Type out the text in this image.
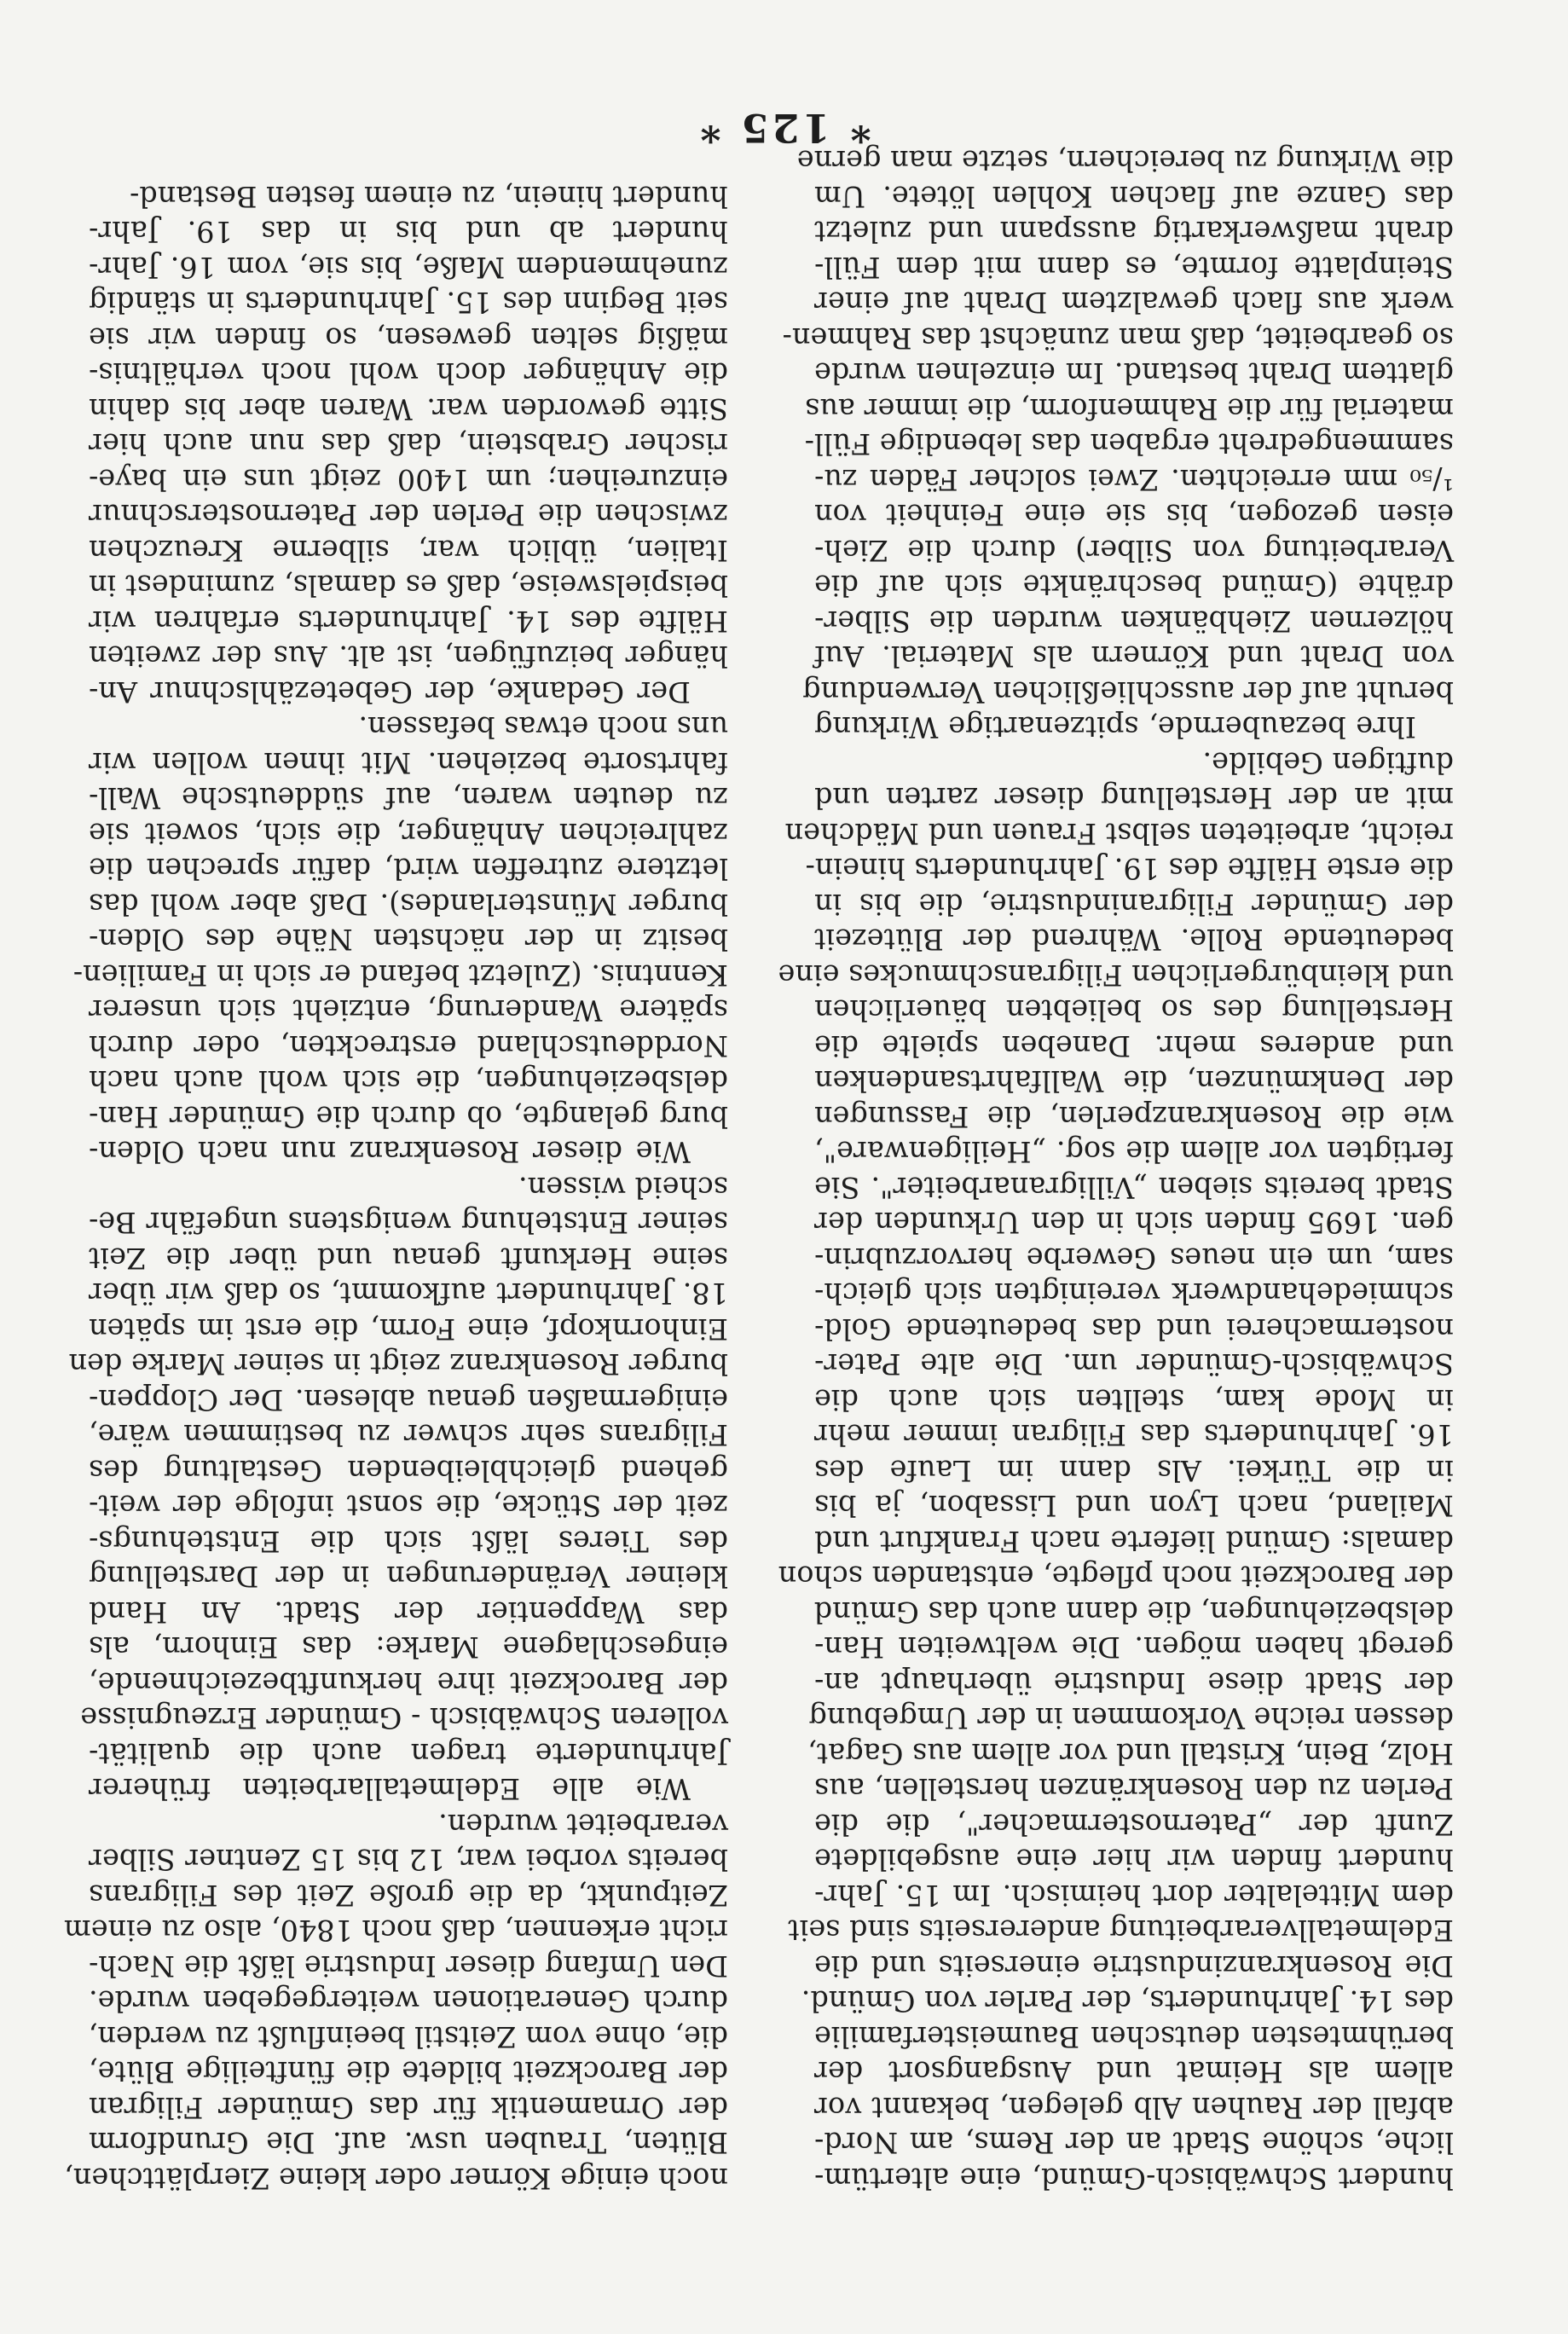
hundert Schwäbisch-Gmünd, eine altertüm-
liche, schöne Stadt an der Rems, am Nord-
abfall der Rauhen Alb gelegen, bekannt vor
allem als Heimat und Ausgangsort der
berühmtesten deutschen Baumeisterfamilie
des 14. Jahrhunderts, der Parler von Gmünd.
Die Rosenkranzindustrie einerseits und die
Edelmetallverarbeitung andererseits sind seit
dem Mittelalter dort heimisch. Im 15. Jahr-
hundert finden wir hier eine ausgebildete
Zunft der „Paternostermacher", die die
Perlen zu den Rosenkränzen herstellen, aus
Holz, Bein, Kristall und vor allem aus Gagat,
dessen reiche Vorkommen in der Umgebung
der Stadt diese Industrie überhaupt an-
geregt haben mögen. Die weltweiten Han-
delsbeziehungen, die dann auch das Gmünd
der Barockzeit noch pflegte, entstanden schon
damals: Gmünd lieferte nach Frankfurt und
Mailand, nach Lyon und Lissabon, ja bis
in die Türkei. Als dann im Laufe des
16. Jahrhunderts das Filigran immer mehr
in Mode kam, stellten sich auch die
Schwäbisch-Gmünder um. Die alte Pater-
nostermacherei und das bedeutende Gold-
schmiedehandwerk vereinigten sich gleich-
sam, um ein neues Gewerbe hervorzubrin-
gen. 1695 finden sich in den Urkunden der
Stadt bereits sieben „Villigranarbeiter". Sie
fertigten vor allem die sog. „Heiligenware",
wie die Rosenkranzperlen, die Fassungen
der Denkmünzen, die Wallfahrtsandenken
und anderes mehr. Daneben spielte die
Herstellung des so beliebten bäuerlichen
und kleinbürgerlichen Filigranschmuckes eine
bedeutende Rolle. Während der Blütezeit
der Gmünder Filigranindustrie, die bis in
die erste Hälfte des 19. Jahrhunderts hinein-
reicht, arbeiteten selbst Frauen und Mädchen
mit an der Herstellung dieser zarten und
duftigen Gebilde.

Ihre bezaubernde, spitzenartige Wirkung
beruht auf der ausschließlichen Verwendung
von Draht und Körnern als Material. Auf
hölzernen Ziehbänken wurden die Silber-
drähte (Gmünd beschränkte sich auf die
Verarbeitung von Silber) durch die Zieh-
eisen gezogen, bis sie eine Feinheit von
¹/₅₀ mm erreichten. Zwei solcher Fäden zu-
sammengedreht ergaben das lebendige Füll-
material für die Rahmenform, die immer aus
glattem Draht bestand. Im einzelnen wurde
so gearbeitet, daß man zunächst das Rahmen-
werk aus flach gewalztem Draht auf einer
Steinplatte formte, es dann mit dem Füll-
draht maßwerkartig ausspann und zuletzt
das Ganze auf flachen Kohlen lötete. Um
die Wirkung zu bereichern, setzte man gerne

noch einige Körner oder kleine Zierplättchen,
Blüten, Trauben usw. auf. Die Grundform
der Ornamentik für das Gmünder Filigran
der Barockzeit bildete die fünfteilige Blüte,
die, ohne vom Zeitstil beeinflußt zu werden,
durch Generationen weitergegeben wurde.
Den Umfang dieser Industrie läßt die Nach-
richt erkennen, daß noch 1840, also zu einem
Zeitpunkt, da die große Zeit des Filigrans
bereits vorbei war, 12 bis 15 Zentner Silber
verarbeitet wurden.

Wie alle Edelmetallarbeiten früherer
Jahrhunderte tragen auch die qualität-
volleren Schwäbisch - Gmünder Erzeugnisse
der Barockzeit ihre herkunftbezeichnende,
eingeschlagene Marke: das Einhorn, als
das Wappentier der Stadt. An Hand
kleiner Veränderungen in der Darstellung
des Tieres läßt sich die Entstehungs-
zeit der Stücke, die sonst infolge der weit-
gehend gleichbleibenden Gestaltung des
Filigrans sehr schwer zu bestimmen wäre,
einigermaßen genau ablesen. Der Cloppen-
burger Rosenkranz zeigt in seiner Marke den
Einhornkopf, eine Form, die erst im späten
18. Jahrhundert aufkommt, so daß wir über
seine Herkunft genau und über die Zeit
seiner Entstehung wenigstens ungefähr Be-
scheid wissen.

Wie dieser Rosenkranz nun nach Olden-
burg gelangte, ob durch die Gmünder Han-
delsbeziehungen, die sich wohl auch nach
Norddeutschland erstreckten, oder durch
spätere Wanderung, entzieht sich unserer
Kenntnis. (Zuletzt befand er sich in Familien-
besitz in der nächsten Nähe des Olden-
burger Münsterlandes). Daß aber wohl das
letztere zutreffen wird, dafür sprechen die
zahlreichen Anhänger, die sich, soweit sie
zu deuten waren, auf süddeutsche Wall-
fahrtsorte beziehen. Mit ihnen wollen wir
uns noch etwas befassen.

Der Gedanke, der Gebetezählschnur An-
hänger beizufügen, ist alt. Aus der zweiten
Hälfte des 14. Jahrhunderts erfahren wir
beispielsweise, daß es damals, zumindest in
Italien, üblich war, silberne Kreuzchen
zwischen die Perlen der Paternosterschnur
einzureihen; um 1400 zeigt uns ein baye-
rischer Grabstein, daß das nun auch hier
Sitte geworden war. Waren aber bis dahin
die Anhänger doch wohl noch verhältnis-
mäßig selten gewesen, so finden wir sie
seit Beginn des 15. Jahrhunderts in ständig
zunehmendem Maße, bis sie, vom 16. Jahr-
hundert ab und bis in das 19. Jahr-
hundert hinein, zu einem festen Bestand-

* 125 *
